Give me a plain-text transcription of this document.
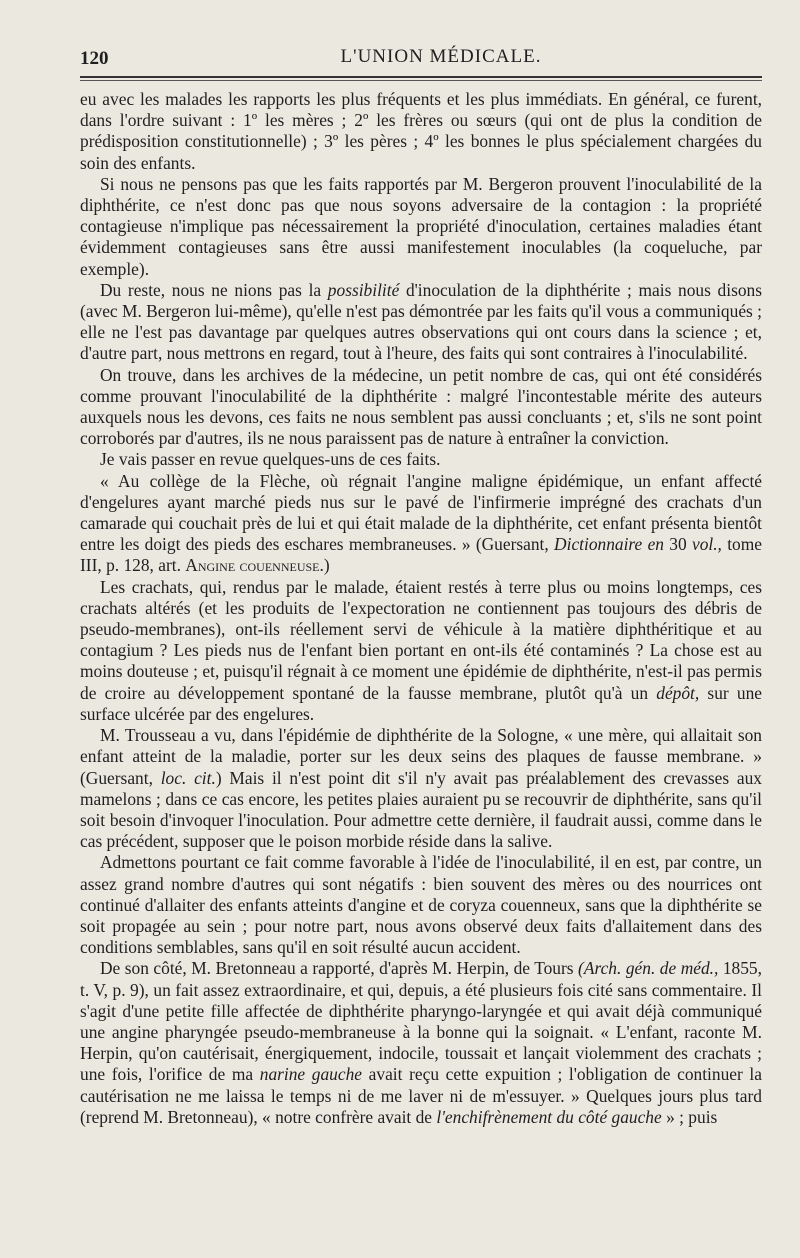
120	L'UNION MÉDICALE.

eu avec les malades les rapports les plus fréquents et les plus immédiats. En général, ce furent, dans l'ordre suivant : 1º les mères ; 2º les frères ou sœurs (qui ont de plus la condition de prédisposition constitutionnelle) ; 3º les pères ; 4º les bonnes le plus spécialement chargées du soin des enfants.

Si nous ne pensons pas que les faits rapportés par M. Bergeron prouvent l'inoculabilité de la diphthérite, ce n'est donc pas que nous soyons adversaire de la contagion : la propriété contagieuse n'implique pas nécessairement la propriété d'inoculation, certaines maladies étant évidemment contagieuses sans être aussi manifestement inoculables (la coqueluche, par exemple).

Du reste, nous ne nions pas la possibilité d'inoculation de la diphthérite ; mais nous disons (avec M. Bergeron lui-même), qu'elle n'est pas démontrée par les faits qu'il vous a communiqués ; elle ne l'est pas davantage par quelques autres observations qui ont cours dans la science ; et, d'autre part, nous mettrons en regard, tout à l'heure, des faits qui sont contraires à l'inoculabilité.

On trouve, dans les archives de la médecine, un petit nombre de cas, qui ont été considérés comme prouvant l'inoculabilité de la diphthérite : malgré l'incontestable mérite des auteurs auxquels nous les devons, ces faits ne nous semblent pas aussi concluants ; et, s'ils ne sont point corroborés par d'autres, ils ne nous paraissent pas de nature à entraîner la conviction.

Je vais passer en revue quelques-uns de ces faits.

« Au collège de la Flèche, où régnait l'angine maligne épidémique, un enfant affecté d'engelures ayant marché pieds nus sur le pavé de l'infirmerie imprégné des crachats d'un camarade qui couchait près de lui et qui était malade de la diphthérite, cet enfant présenta bientôt entre les doigt des pieds des eschares membraneuses. » (Guersant, Dictionnaire en 30 vol., tome III, p. 128, art. Angine couenneuse.)

Les crachats, qui, rendus par le malade, étaient restés à terre plus ou moins longtemps, ces crachats altérés (et les produits de l'expectoration ne contiennent pas toujours des débris de pseudo-membranes), ont-ils réellement servi de véhicule à la matière diphthéritique et au contagium ? Les pieds nus de l'enfant bien portant en ont-ils été contaminés ? La chose est au moins douteuse ; et, puisqu'il régnait à ce moment une épidémie de diphthérite, n'est-il pas permis de croire au développement spontané de la fausse membrane, plutôt qu'à un dépôt, sur une surface ulcérée par des engelures.

M. Trousseau a vu, dans l'épidémie de diphthérite de la Sologne, « une mère, qui allaitait son enfant atteint de la maladie, porter sur les deux seins des plaques de fausse membrane. » (Guersant, loc. cit.) Mais il n'est point dit s'il n'y avait pas préalablement des crevasses aux mamelons ; dans ce cas encore, les petites plaies auraient pu se recouvrir de diphthérite, sans qu'il soit besoin d'invoquer l'inoculation. Pour admettre cette dernière, il faudrait aussi, comme dans le cas précédent, supposer que le poison morbide réside dans la salive.

Admettons pourtant ce fait comme favorable à l'idée de l'inoculabilité, il en est, par contre, un assez grand nombre d'autres qui sont négatifs : bien souvent des mères ou des nourrices ont continué d'allaiter des enfants atteints d'angine et de coryza couenneux, sans que la diphthérite se soit propagée au sein ; pour notre part, nous avons observé deux faits d'allaitement dans des conditions semblables, sans qu'il en soit résulté aucun accident.

De son côté, M. Bretonneau a rapporté, d'après M. Herpin, de Tours (Arch. gén. de méd., 1855, t. V, p. 9), un fait assez extraordinaire, et qui, depuis, a été plusieurs fois cité sans commentaire. Il s'agit d'une petite fille affectée de diphthérite pharyngo-laryngée et qui avait déjà communiqué une angine pharyngée pseudo-membraneuse à la bonne qui la soignait. « L'enfant, raconte M. Herpin, qu'on cautérisait, énergiquement, indocile, toussait et lançait violemment des crachats ; une fois, l'orifice de ma narine gauche avait reçu cette expuition ; l'obligation de continuer la cautérisation ne me laissa le temps ni de me laver ni de m'essuyer. » Quelques jours plus tard (reprend M. Bretonneau), « notre confrère avait de l'enchifrènement du côté gauche » ; puis
